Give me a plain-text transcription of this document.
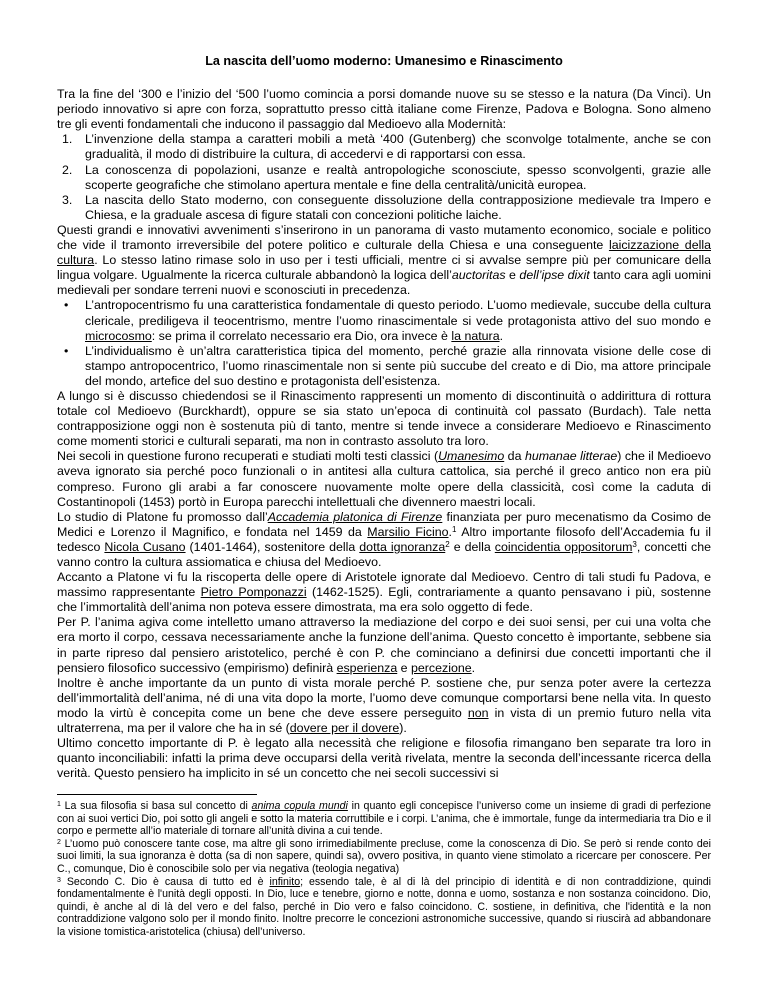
La nascita dell’uomo moderno: Umanesimo e Rinascimento

Tra la fine del ‘300 e l’inizio del ‘500 l’uomo comincia a porsi domande nuove su se stesso e la natura (Da Vinci). Un periodo innovativo si apre con forza, soprattutto presso città italiane come Firenze, Padova e Bologna. Sono almeno tre gli eventi fondamentali che inducono il passaggio dal Medioevo alla Modernità:

1. L’invenzione della stampa a caratteri mobili a metà ‘400 (Gutenberg) che sconvolge totalmente, anche se con gradualità, il modo di distribuire la cultura, di accedervi e di rapportarsi con essa.
2. La conoscenza di popolazioni, usanze e realtà antropologiche sconosciute, spesso sconvolgenti, grazie alle scoperte geografiche che stimolano apertura mentale e fine della centralità/unicità europea.
3. La nascita dello Stato moderno, con conseguente dissoluzione della contrapposizione medievale tra Impero e Chiesa, e la graduale ascesa di figure statali con concezioni politiche laiche.

Questi grandi e innovativi avvenimenti s’inserirono in un panorama di vasto mutamento economico, sociale e politico che vide il tramonto irreversibile del potere politico e culturale della Chiesa e una conseguente laicizzazione della cultura. Lo stesso latino rimase solo in uso per i testi ufficiali, mentre ci si avvalse sempre più per comunicare della lingua volgare. Ugualmente la ricerca culturale abbandonò la logica dell’auctoritas e dell’ipse dixit tanto cara agli uomini medievali per sondare terreni nuovi e sconosciuti in precedenza.

• L’antropocentrismo fu una caratteristica fondamentale di questo periodo. L’uomo medievale, succube della cultura clericale, prediligeva il teocentrismo, mentre l’uomo rinascimentale si vede protagonista attivo del suo mondo e microcosmo: se prima il correlato necessario era Dio, ora invece è la natura.
• L’individualismo è un’altra caratteristica tipica del momento, perché grazie alla rinnovata visione delle cose di stampo antropocentrico, l’uomo rinascimentale non si sente più succube del creato e di Dio, ma attore principale del mondo, artefice del suo destino e protagonista dell’esistenza.

A lungo si è discusso chiedendosi se il Rinascimento rappresenti un momento di discontinuità o addirittura di rottura totale col Medioevo (Burckhardt), oppure se sia stato un’epoca di continuità col passato (Burdach). Tale netta contrapposizione oggi non è sostenuta più di tanto, mentre si tende invece a considerare Medioevo e Rinascimento come momenti storici e culturali separati, ma non in contrasto assoluto tra loro.

Nei secoli in questione furono recuperati e studiati molti testi classici (Umanesimo da humanae litterae) che il Medioevo aveva ignorato sia perché poco funzionali o in antitesi alla cultura cattolica, sia perché il greco antico non era più compreso. Furono gli arabi a far conoscere nuovamente molte opere della classicità, così come la caduta di Costantinopoli (1453) portò in Europa parecchi intellettuali che divennero maestri locali.

Lo studio di Platone fu promosso dall’Accademia platonica di Firenze finanziata per puro mecenatismo da Cosimo de Medici e Lorenzo il Magnifico, e fondata nel 1459 da Marsilio Ficino.$^1$ Altro importante filosofo dell’Accademia fu il tedesco Nicola Cusano (1401-1464), sostenitore della dotta ignoranza$^2$ e della coincidentia oppositorum$^3$, concetti che vanno contro la cultura assiomatica e chiusa del Medioevo.

Accanto a Platone vi fu la riscoperta delle opere di Aristotele ignorate dal Medioevo. Centro di tali studi fu Padova, e massimo rappresentante Pietro Pomponazzi (1462-1525). Egli, contrariamente a quanto pensavano i più, sostenne che l’immortalità dell’anima non poteva essere dimostrata, ma era solo oggetto di fede.

Per P. l’anima agiva come intelletto umano attraverso la mediazione del corpo e dei suoi sensi, per cui una volta che era morto il corpo, cessava necessariamente anche la funzione dell’anima. Questo concetto è importante, sebbene sia in parte ripreso dal pensiero aristotelico, perché è con P. che cominciano a definirsi due concetti importanti che il pensiero filosofico successivo (empirismo) definirà esperienza e percezione.

Inoltre è anche importante da un punto di vista morale perché P. sostiene che, pur senza poter avere la certezza dell’immortalità dell’anima, né di una vita dopo la morte, l’uomo deve comunque comportarsi bene nella vita. In questo modo la virtù è concepita come un bene che deve essere perseguito non in vista di un premio futuro nella vita ultraterrena, ma per il valore che ha in sé (dovere per il dovere).

Ultimo concetto importante di P. è legato alla necessità che religione e filosofia rimangano ben separate tra loro in quanto inconciliabili: infatti la prima deve occuparsi della verità rivelata, mentre la seconda dell’incessante ricerca della verità. Questo pensiero ha implicito in sé un concetto che nei secoli successivi si

$^1$ La sua filosofia si basa sul concetto di anima copula mundi in quanto egli concepisce l’universo come un insieme di gradi di perfezione con ai suoi vertici Dio, poi sotto gli angeli e sotto la materia corruttibile e i corpi. L’anima, che è immortale, funge da intermediaria tra Dio e il corpo e permette all’io materiale di tornare all’unità divina a cui tende.

$^2$ L’uomo può conoscere tante cose, ma altre gli sono irrimediabilmente precluse, come la conoscenza di Dio. Se però si rende conto dei suoi limiti, la sua ignoranza è dotta (sa di non sapere, quindi sa), ovvero positiva, in quanto viene stimolato a ricercare per conoscere. Per C., comunque, Dio è conoscibile solo per via negativa (teologia negativa)

$^3$ Secondo C. Dio è causa di tutto ed è infinito; essendo tale, è al di là del principio di identità e di non contraddizione, quindi fondamentalmente è l'unità degli opposti. In Dio, luce e tenebre, giorno e notte, donna e uomo, sostanza e non sostanza coincidono. Dio, quindi, è anche al di là del vero e del falso, perché in Dio vero e falso coincidono. C. sostiene, in definitiva, che l'identità e la non contraddizione valgono solo per il mondo finito. Inoltre precorre le concezioni astronomiche successive, quando si riuscirà ad abbandonare la visione tomistica-aristotelica (chiusa) dell’universo.
